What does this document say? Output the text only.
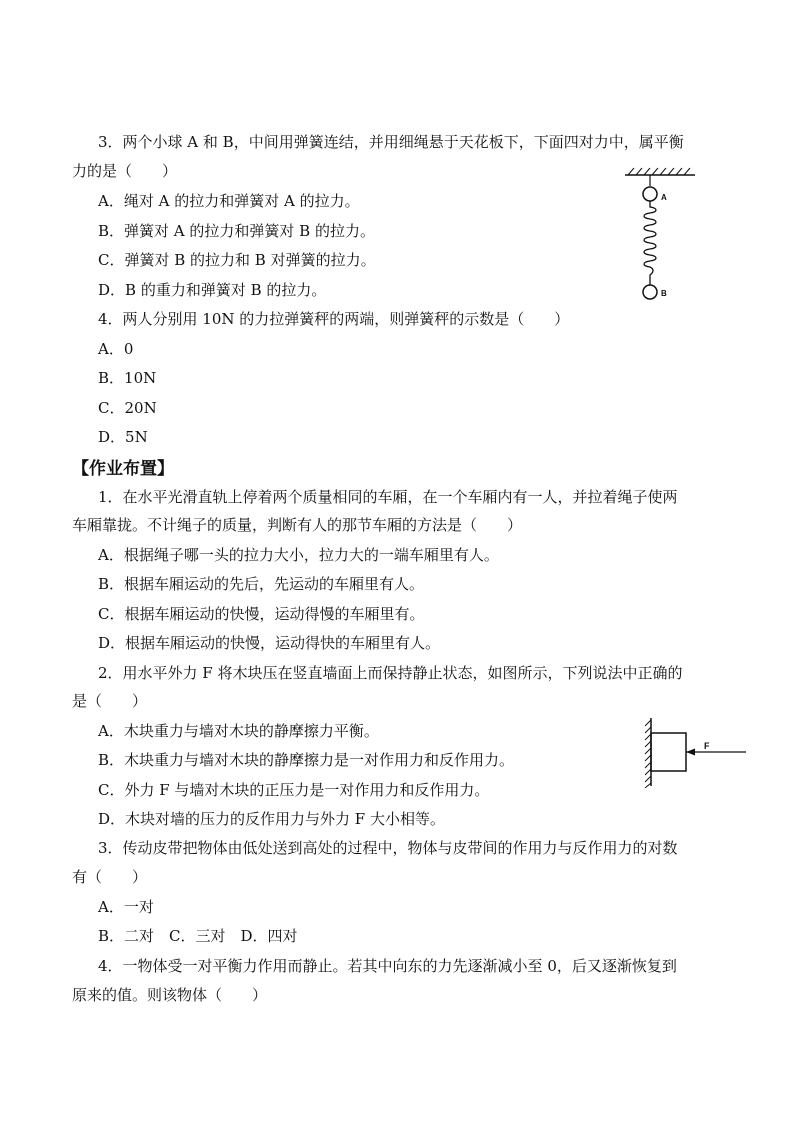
3．两个小球 A 和 B，中间用弹簧连结，并用细绳悬于天花板下，下面四对力中，属平衡
力的是（　　）
A．绳对 A 的拉力和弹簧对 A 的拉力。
B．弹簧对 A 的拉力和弹簧对 B 的拉力。
C．弹簧对 B 的拉力和 B 对弹簧的拉力。
D．B 的重力和弹簧对 B 的拉力。
A
B
4．两人分别用 10N 的力拉弹簧秤的两端，则弹簧秤的示数是（　　）
A．0
B．10N
C．20N
D．5N
【作业布置】
1．在水平光滑直轨上停着两个质量相同的车厢，在一个车厢内有一人，并拉着绳子使两
车厢靠拢。不计绳子的质量，判断有人的那节车厢的方法是（　　）
A．根据绳子哪一头的拉力大小，拉力大的一端车厢里有人。
B．根据车厢运动的先后，先运动的车厢里有人。
C．根据车厢运动的快慢，运动得慢的车厢里有。
D．根据车厢运动的快慢，运动得快的车厢里有人。
2．用水平外力 F 将木块压在竖直墙面上而保持静止状态，如图所示，下列说法中正确的
是（　　）
A．木块重力与墙对木块的静摩擦力平衡。
B．木块重力与墙对木块的静摩擦力是一对作用力和反作用力。
C．外力 F 与墙对木块的正压力是一对作用力和反作用力。
D．木块对墙的压力的反作用力与外力 F 大小相等。
F
3．传动皮带把物体由低处送到高处的过程中，物体与皮带间的作用力与反作用力的对数
有（　　）
A．一对
B．二对　C．三对　D．四对
4．一物体受一对平衡力作用而静止。若其中向东的力先逐渐减小至 0，后又逐渐恢复到
原来的值。则该物体（　　）
